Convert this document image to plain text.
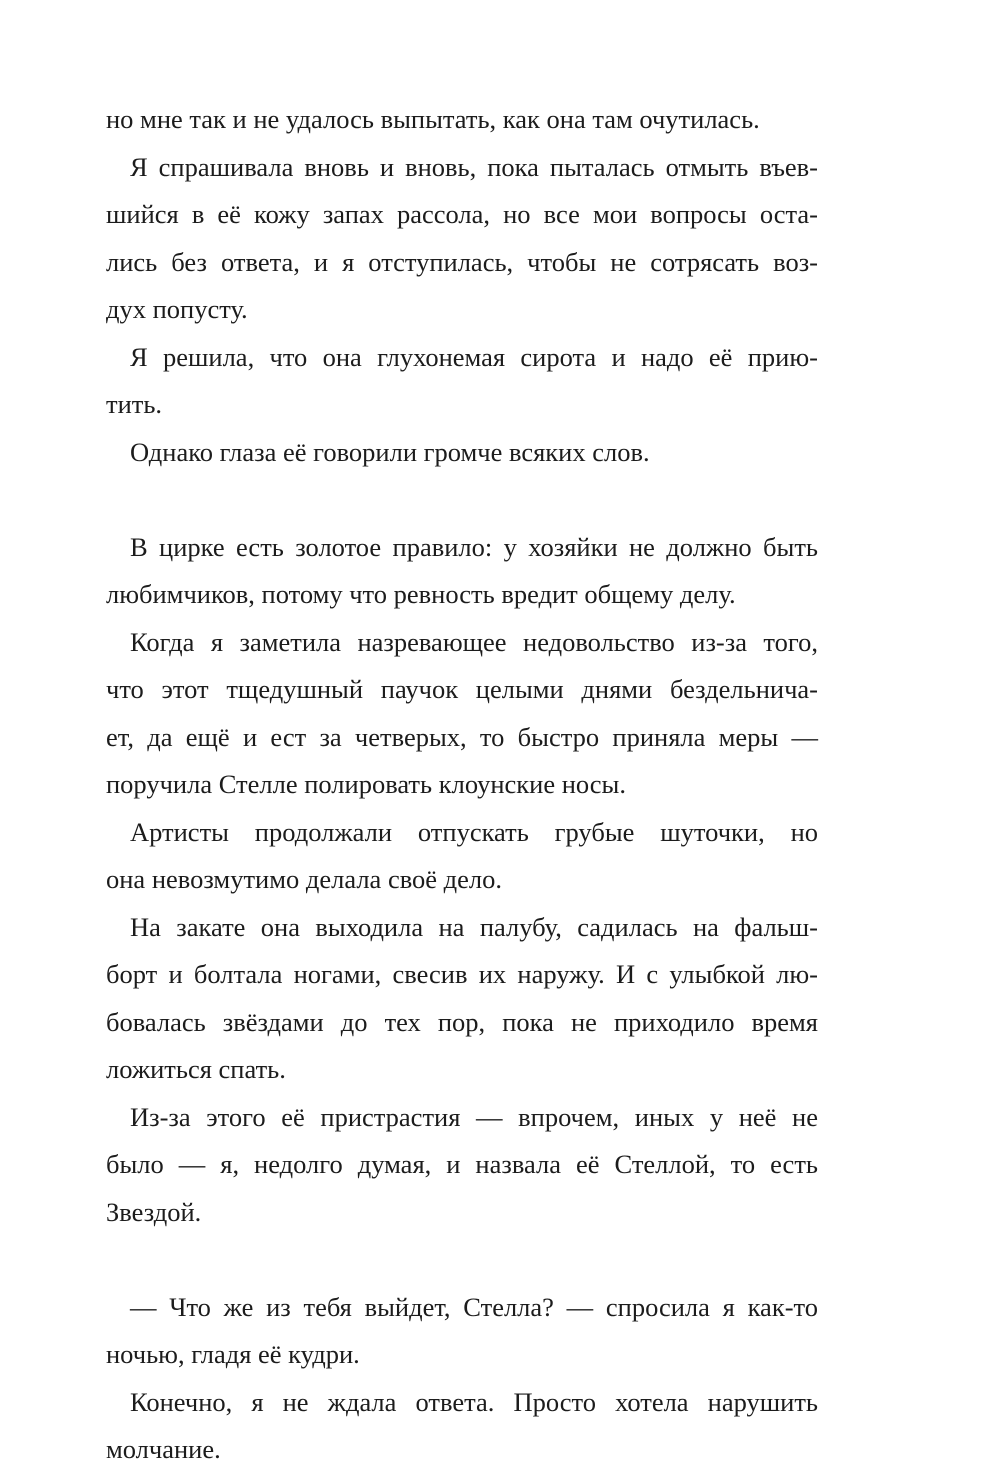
но мне так и не удалось выпытать, как она там очутилась.
Я спрашивала вновь и вновь, пока пыталась отмыть въев-
шийся в её кожу запах рассола, но все мои вопросы оста-
лись без ответа, и я отступилась, чтобы не сотрясать воз-
дух попусту.
Я решила, что она глухонемая сирота и надо её прию-
тить.
Однако глаза её говорили громче всяких слов.
В цирке есть золотое правило: у хозяйки не должно быть
любимчиков, потому что ревность вредит общему делу.
Когда я заметила назревающее недовольство из-за того,
что этот тщедушный паучок целыми днями бездельнича-
ет, да ещё и ест за четверых, то быстро приняла меры —
поручила Стелле полировать клоунские носы.
Артисты продолжали отпускать грубые шуточки, но
она невозмутимо делала своё дело.
На закате она выходила на палубу, садилась на фальш-
борт и болтала ногами, свесив их наружу. И с улыбкой лю-
бовалась звёздами до тех пор, пока не приходило время
ложиться спать.
Из-за этого её пристрастия — впрочем, иных у неё не
было — я, недолго думая, и назвала её Стеллой, то есть
Звездой.
— Что же из тебя выйдет, Стелла? — спросила я как-то
ночью, гладя её кудри.
Конечно, я не ждала ответа. Просто хотела нарушить
молчание.
